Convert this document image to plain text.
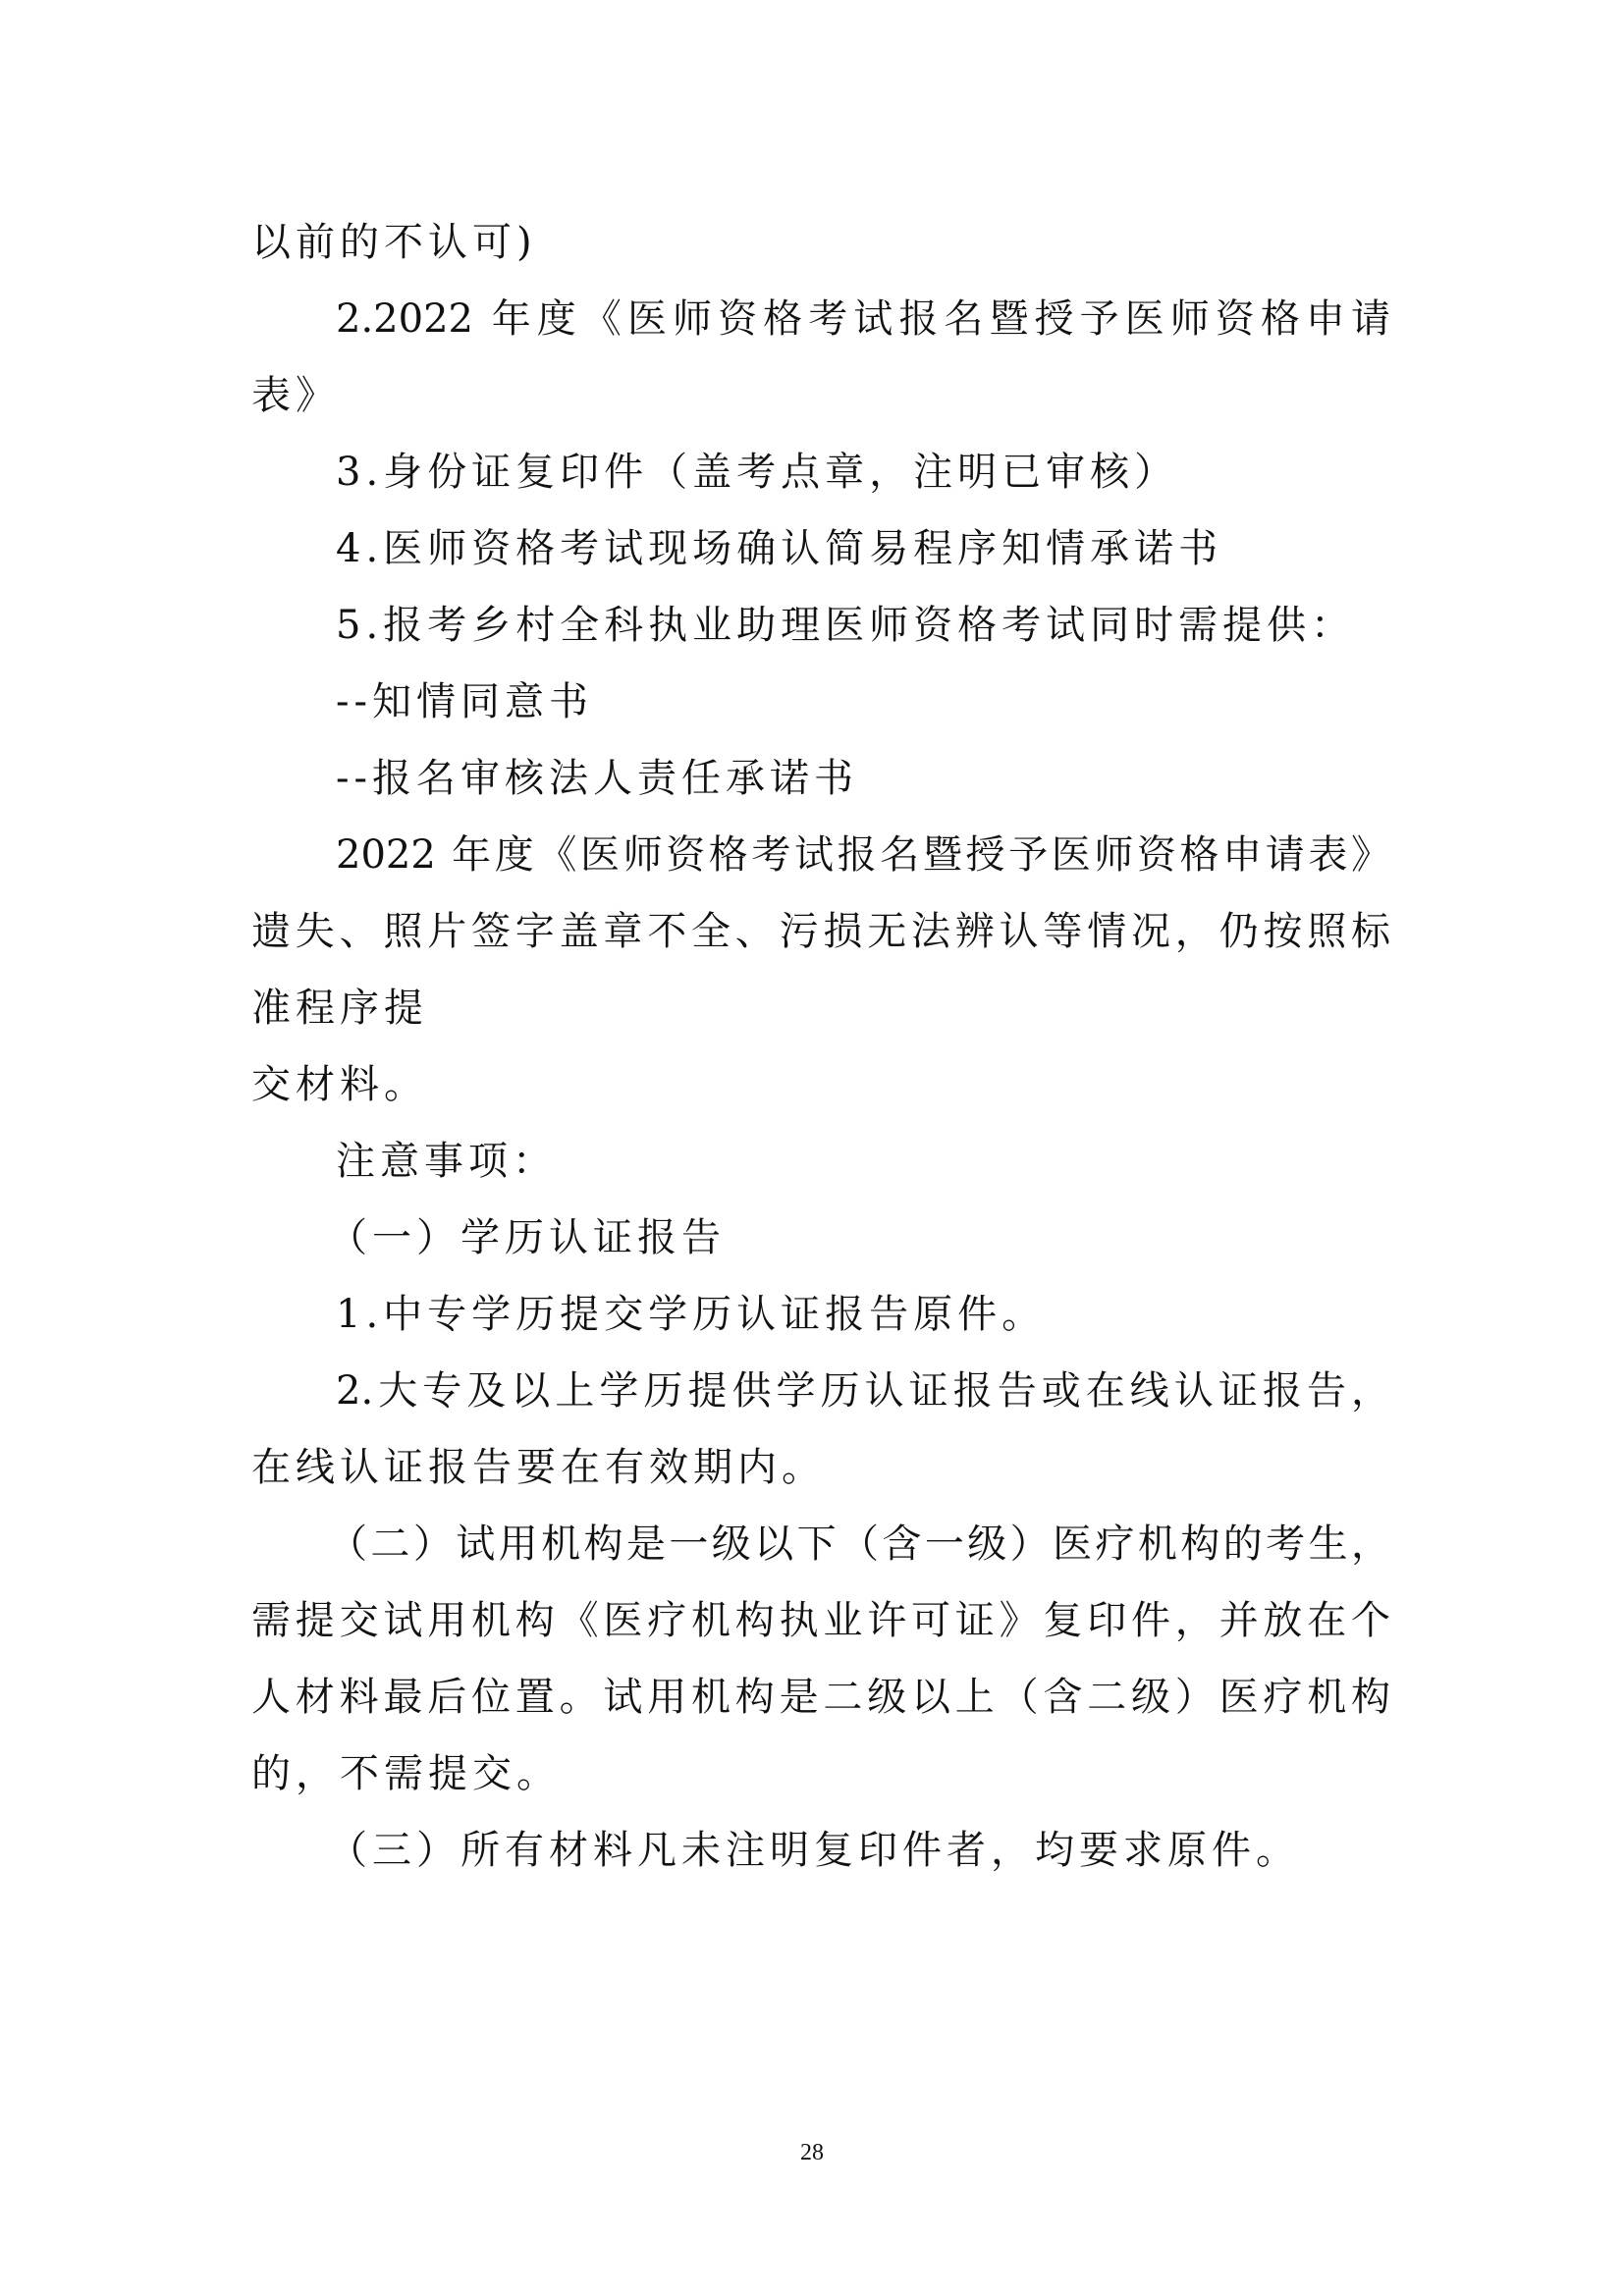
以前的不认可)
2.2022 年度《医师资格考试报名暨授予医师资格申请
表》
3.身份证复印件（盖考点章，注明已审核）
4.医师资格考试现场确认简易程序知情承诺书
5.报考乡村全科执业助理医师资格考试同时需提供：
--知情同意书
--报名审核法人责任承诺书
2022 年度《医师资格考试报名暨授予医师资格申请表》
遗失、照片签字盖章不全、污损无法辨认等情况，仍按照标
准程序提
交材料。
注意事项：
（一）学历认证报告
1.中专学历提交学历认证报告原件。
2.大专及以上学历提供学历认证报告或在线认证报告，
在线认证报告要在有效期内。
（二）试用机构是一级以下（含一级）医疗机构的考生，
需提交试用机构《医疗机构执业许可证》复印件，并放在个
人材料最后位置。试用机构是二级以上（含二级）医疗机构
的，不需提交。
（三）所有材料凡未注明复印件者，均要求原件。
28
